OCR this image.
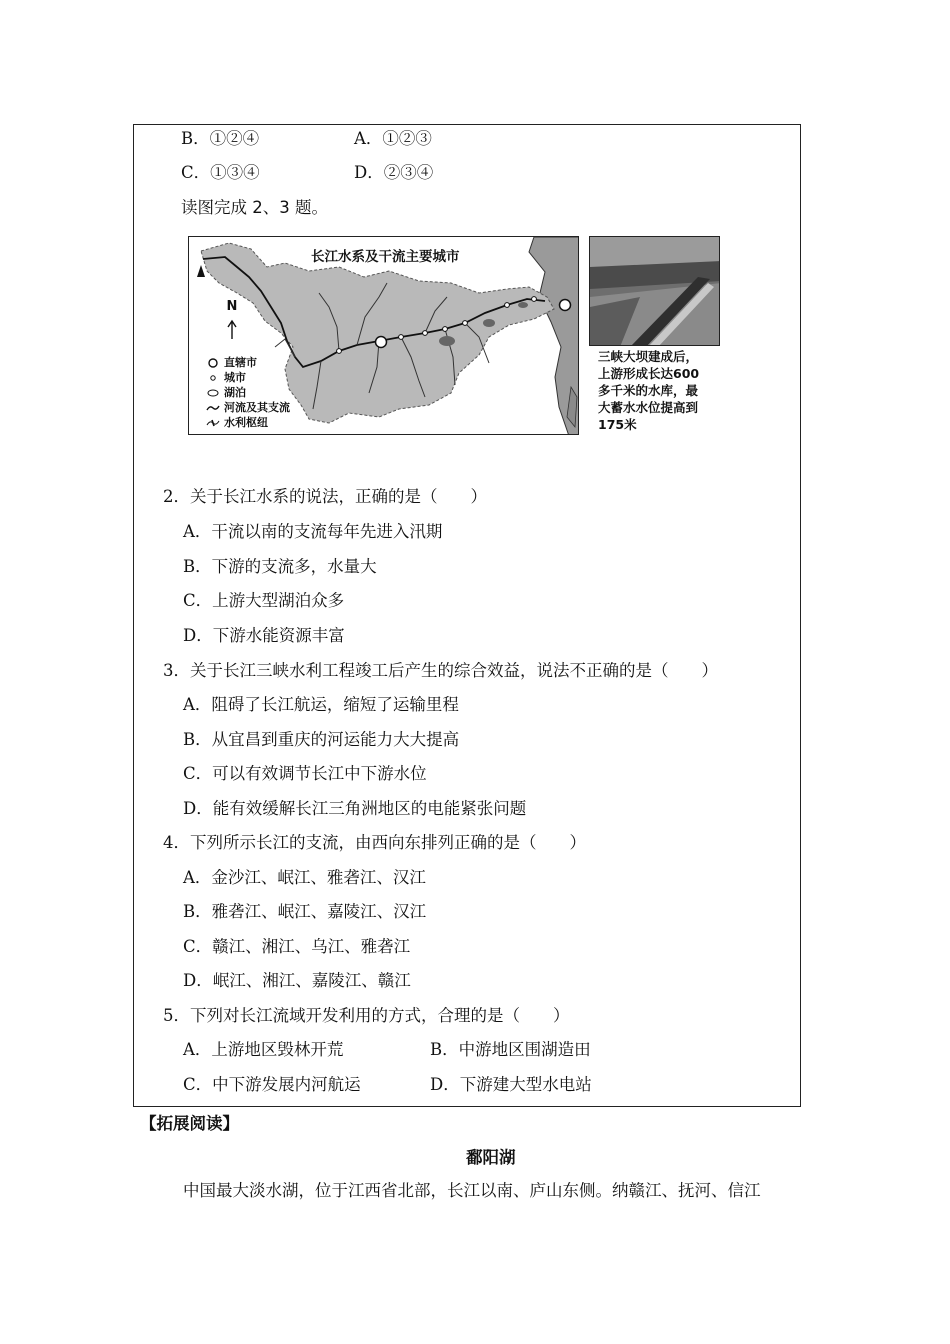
B．①②④	A．①②③
C．①③④	D．②③④
读图完成 2、3 题。
长江水系及干流主要城市
N
直辖市
城市
湖泊
河流及其支流
水利枢纽
三峡大坝建成后，
上游形成长达600
多千米的水库，最
大蓄水水位提高到
175米
2．关于长江水系的说法，正确的是（　　）
A．干流以南的支流每年先进入汛期
B．下游的支流多，水量大
C．上游大型湖泊众多
D．下游水能资源丰富
3．关于长江三峡水利工程竣工后产生的综合效益，说法不正确的是（　　）
A．阻碍了长江航运，缩短了运输里程
B．从宜昌到重庆的河运能力大大提高
C．可以有效调节长江中下游水位
D．能有效缓解长江三角洲地区的电能紧张问题
4．下列所示长江的支流，由西向东排列正确的是（　　）
A．金沙江、岷江、雅砻江、汉江
B．雅砻江、岷江、嘉陵江、汉江
C．赣江、湘江、乌江、雅砻江
D．岷江、湘江、嘉陵江、赣江
5．下列对长江流域开发利用的方式，合理的是（　　）
A．上游地区毁林开荒	B．中游地区围湖造田
C．中下游发展内河航运	D．下游建大型水电站
【拓展阅读】
鄱阳湖
中国最大淡水湖，位于江西省北部，长江以南、庐山东侧。纳赣江、抚河、信江
